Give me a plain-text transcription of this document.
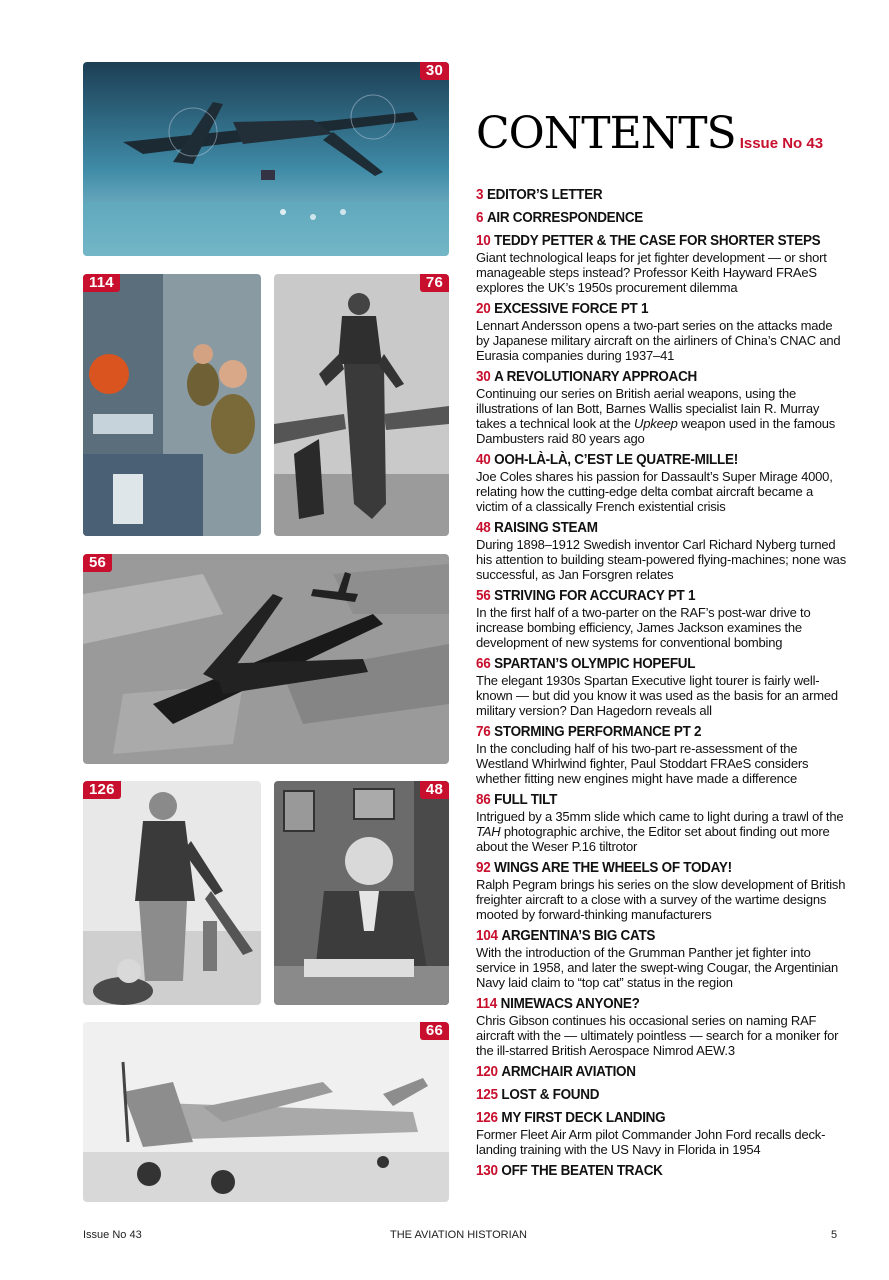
30
114	76
56
126	48
66
CONTENTS Issue No 43
3 EDITOR’S LETTER
6 AIR CORRESPONDENCE
10 TEDDY PETTER & THE CASE FOR SHORTER STEPS
Giant technological leaps for jet fighter development — or short manageable steps instead? Professor Keith Hayward FRAeS explores the UK’s 1950s procurement dilemma
20 EXCESSIVE FORCE PT 1
Lennart Andersson opens a two-part series on the attacks made by Japanese military aircraft on the airliners of China’s CNAC and Eurasia companies during 1937–41
30 A REVOLUTIONARY APPROACH
Continuing our series on British aerial weapons, using the illustrations of Ian Bott, Barnes Wallis specialist Iain R. Murray takes a technical look at the Upkeep weapon used in the famous Dambusters raid 80 years ago
40 OOH-LÀ-LÀ, C’EST LE QUATRE-MILLE!
Joe Coles shares his passion for Dassault’s Super Mirage 4000, relating how the cutting-edge delta combat aircraft became a victim of a classically French existential crisis
48 RAISING STEAM
During 1898–1912 Swedish inventor Carl Richard Nyberg turned his attention to building steam-powered flying-machines; none was successful, as Jan Forsgren relates
56 STRIVING FOR ACCURACY PT 1
In the first half of a two-parter on the RAF’s post-war drive to increase bombing efficiency, James Jackson examines the development of new systems for conventional bombing
66 SPARTAN’S OLYMPIC HOPEFUL
The elegant 1930s Spartan Executive light tourer is fairly well-known — but did you know it was used as the basis for an armed military version? Dan Hagedorn reveals all
76 STORMING PERFORMANCE PT 2
In the concluding half of his two-part re-assessment of the Westland Whirlwind fighter, Paul Stoddart FRAeS considers whether fitting new engines might have made a difference
86 FULL TILT
Intrigued by a 35mm slide which came to light during a trawl of the TAH photographic archive, the Editor set about finding out more about the Weser P.16 tiltrotor
92 WINGS ARE THE WHEELS OF TODAY!
Ralph Pegram brings his series on the slow development of British freighter aircraft to a close with a survey of the wartime designs mooted by forward-thinking manufacturers
104 ARGENTINA’S BIG CATS
With the introduction of the Grumman Panther jet fighter into service in 1958, and later the swept-wing Cougar, the Argentinian Navy laid claim to “top cat” status in the region
114 NIMEWACS ANYONE?
Chris Gibson continues his occasional series on naming RAF aircraft with the — ultimately pointless — search for a moniker for the ill-starred British Aerospace Nimrod AEW.3
120 ARMCHAIR AVIATION
125 LOST & FOUND
126 MY FIRST DECK LANDING
Former Fleet Air Arm pilot Commander John Ford recalls deck-landing training with the US Navy in Florida in 1954
130 OFF THE BEATEN TRACK
Issue No 43	THE AVIATION HISTORIAN	5
